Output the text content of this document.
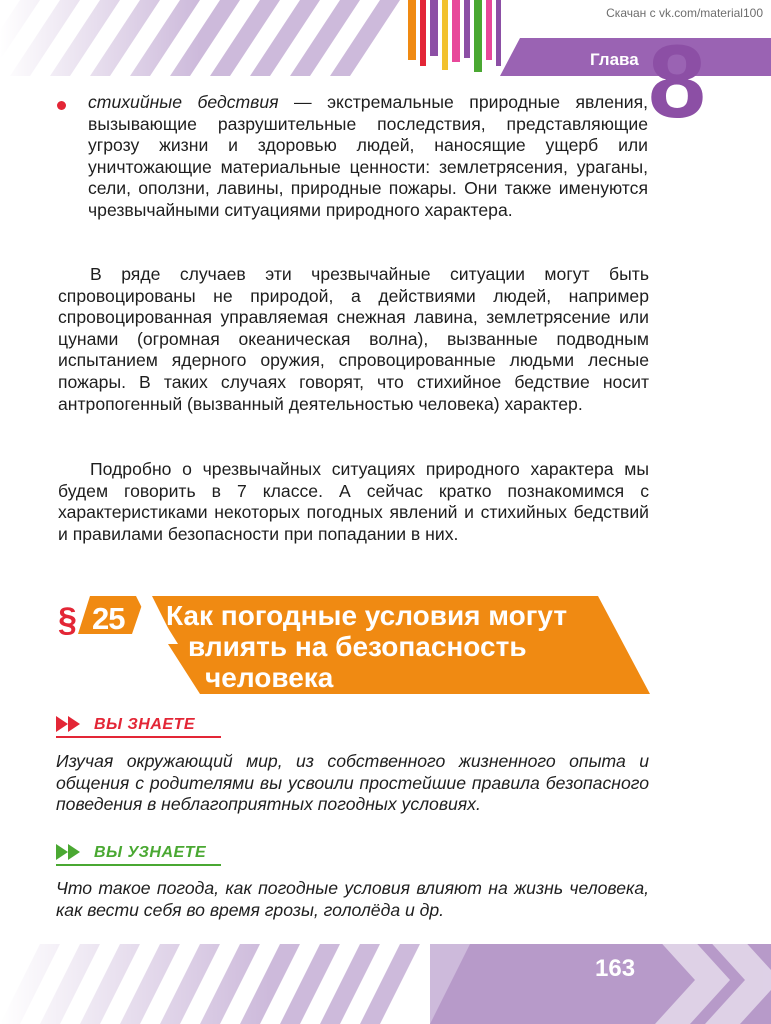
Скачан с vk.com/material100
Глава 8
стихийные бедствия — экстремальные природные явления, вызывающие разрушительные последствия, представляющие угрозу жизни и здоровью людей, наносящие ущерб или уничтожающие материальные ценности: землетрясения, ураганы, сели, оползни, лавины, природные пожары. Они также именуются чрезвычайными ситуациями природного характера.
В ряде случаев эти чрезвычайные ситуации могут быть спровоцированы не природой, а действиями людей, например спровоцированная управляемая снежная лавина, землетрясение или цунами (огромная океаническая волна), вызванные подводным испытанием ядерного оружия, спровоцированные людьми лесные пожары. В таких случаях говорят, что стихийное бедствие носит антропогенный (вызванный деятельностью человека) характер.
Подробно о чрезвычайных ситуациях природного характера мы будем говорить в 7 классе. А сейчас кратко познакомимся с характеристиками некоторых погодных явлений и стихийных бедствий и правилами безопасности при попадании в них.
§ 25 Как погодные условия могут
влиять на безопасность
человека
ВЫ ЗНАЕТЕ
Изучая окружающий мир, из собственного жизненного опыта и общения с родителями вы усвоили простейшие правила безопасного поведения в неблагоприятных погодных условиях.
ВЫ УЗНАЕТЕ
Что такое погода, как погодные условия влияют на жизнь человека, как вести себя во время грозы, гололёда и др.
163
